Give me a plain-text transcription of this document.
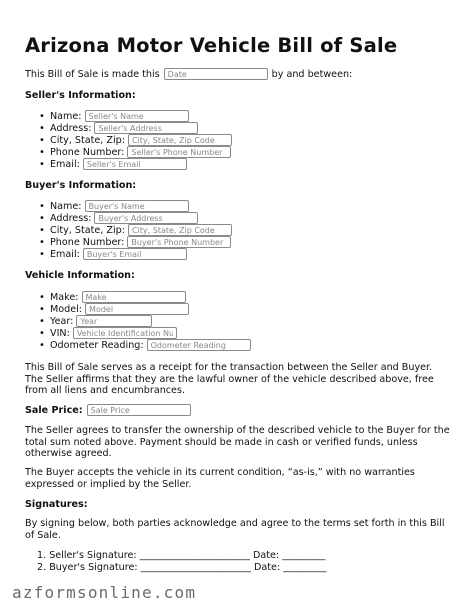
Arizona Motor Vehicle Bill of Sale
This Bill of Sale is made this
Date	by and between:
Seller's Information:
• Name:
Seller's Name
• Address:
Seller's Address
• City, State, Zip:
City, State, Zip Code
• Phone Number:
Seller's Phone Number
• Email:
Seller's Email
Buyer's Information:
• Name:
Buyer's Name
• Address:
Buyer's Address
• City, State, Zip:
City, State, Zip Code
• Phone Number:
Buyer's Phone Number
• Email:
Buyer's Email
Vehicle Information:
• Make:
Make
• Model:
Model
• Year:
Year
• VIN:
Vehicle Identification Number
• Odometer Reading:
Odometer Reading

This Bill of Sale serves as a receipt for the transaction between the Seller and Buyer. The Seller affirms that they are the lawful owner of the vehicle described above, free from all liens and encumbrances.

Sale Price:
Sale Price

The Seller agrees to transfer the ownership of the described vehicle to the Buyer for the total sum noted above. Payment should be made in cash or verified funds, unless otherwise agreed.

The Buyer accepts the vehicle in its current condition, “as-is,” with no warranties expressed or implied by the Seller.

Signatures:

By signing below, both parties acknowledge and agree to the terms set forth in this Bill of Sale.

1. Seller's Signature: _______________________ Date: _________
2. Buyer's Signature: _______________________ Date: _________
azformsonline.com
